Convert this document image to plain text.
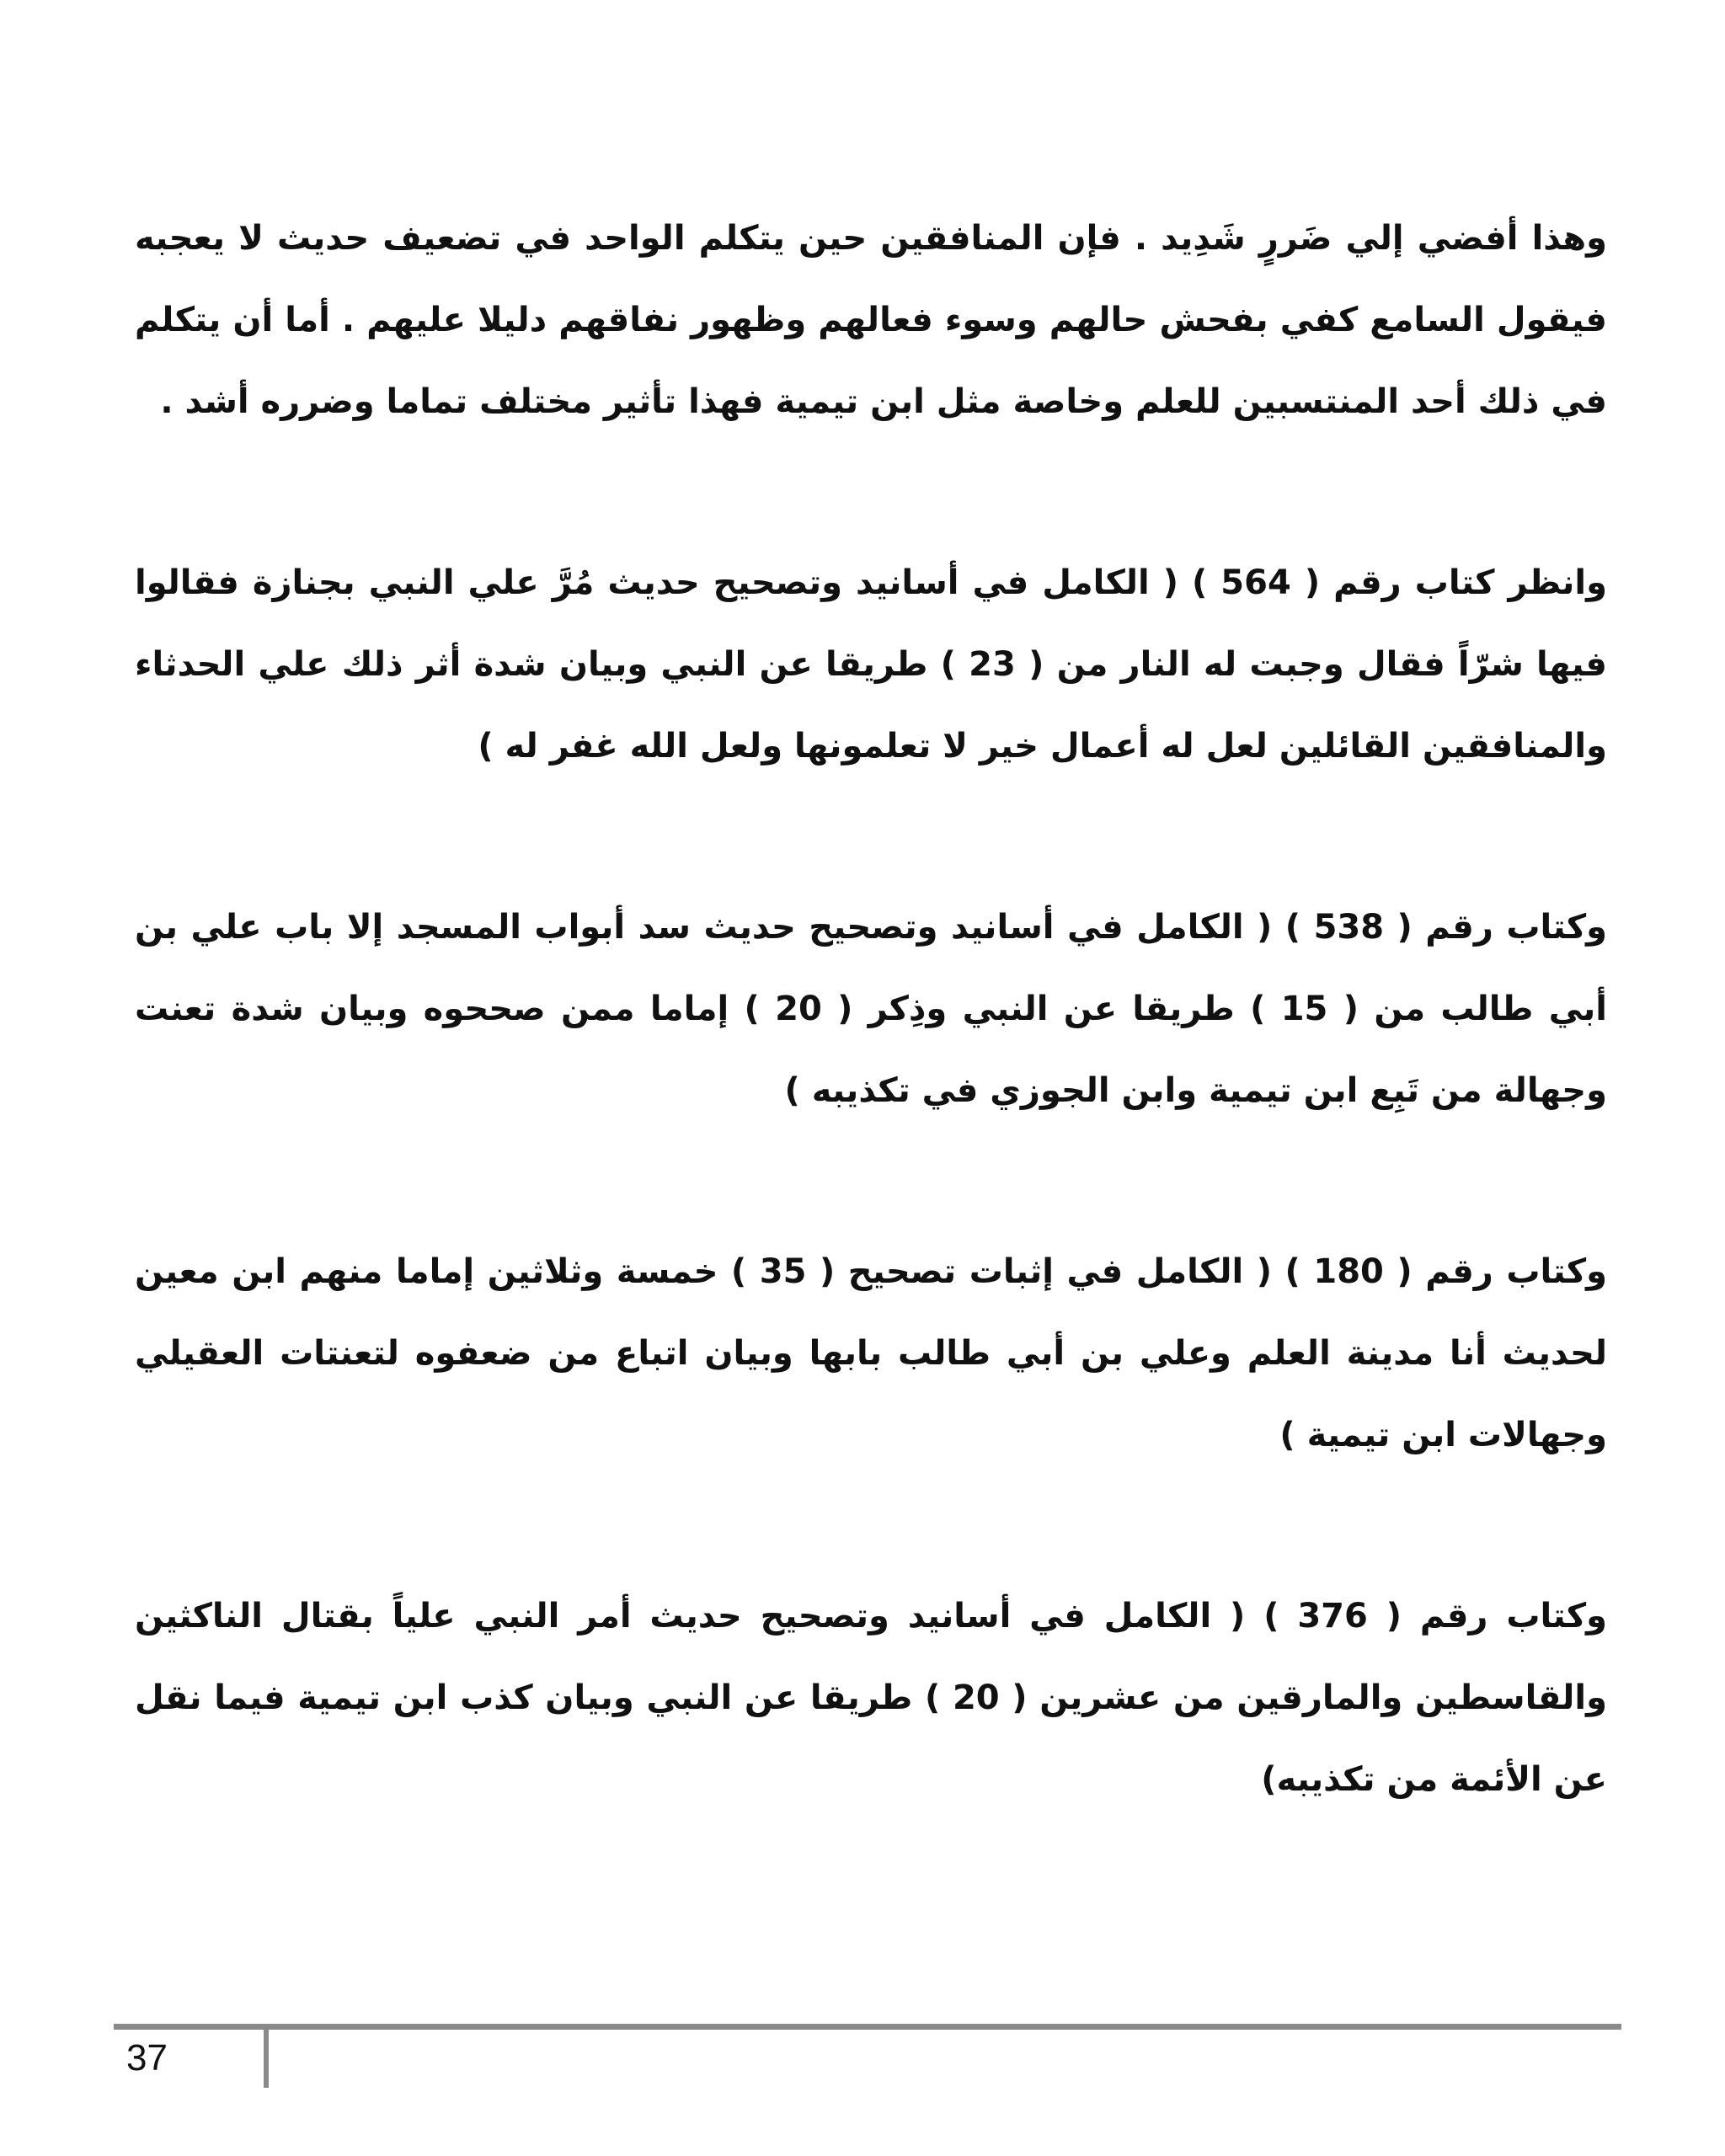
وهذا أفضي إلي ضَررٍ شَدِيد . فإن المنافقين حين يتكلم الواحد في تضعيف حديث لا يعجبه فيقول السامع كفي بفحش حالهم وسوء فعالهم وظهور نفاقهم دليلا عليهم . أما أن يتكلم في ذلك أحد المنتسبين للعلم وخاصة مثل ابن تيمية فهذا تأثير مختلف تماما وضرره أشد .

وانظر كتاب رقم ( 564 ) ( الكامل في أسانيد وتصحيح حديث مُرَّ علي النبي بجنازة فقالوا فيها شرّاً فقال وجبت له النار من ( 23 ) طريقا عن النبي وبيان شدة أثر ذلك علي الحدثاء والمنافقين القائلين لعل له أعمال خير لا تعلمونها ولعل الله غفر له )

وكتاب رقم ( 538 ) ( الكامل في أسانيد وتصحيح حديث سد أبواب المسجد إلا باب علي بن أبي طالب من ( 15 ) طريقا عن النبي وذِكر ( 20 ) إماما ممن صححوه وبيان شدة تعنت وجهالة من تَبِع ابن تيمية وابن الجوزي في تكذيبه )

وكتاب رقم ( 180 ) ( الكامل في إثبات تصحيح ( 35 ) خمسة وثلاثين إماما منهم ابن معين لحديث أنا مدينة العلم وعلي بن أبي طالب بابها وبيان اتباع من ضعفوه لتعنتات العقيلي وجهالات ابن تيمية )

وكتاب رقم ( 376 ) ( الكامل في أسانيد وتصحيح حديث أمر النبي علياً بقتال الناكثين والقاسطين والمارقين من عشرين ( 20 ) طريقا عن النبي وبيان كذب ابن تيمية فيما نقل عن الأئمة من تكذيبه)

37
